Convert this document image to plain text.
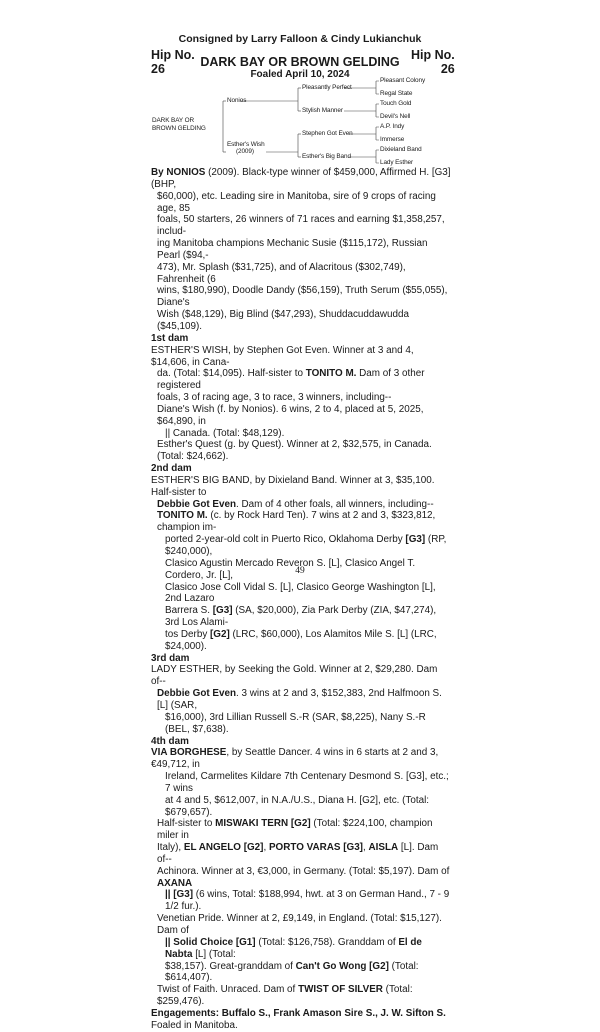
Consigned by Larry Falloon & Cindy Lukianchuk
Hip No.
26
Hip No.
26
DARK BAY OR BROWN GELDING
Foaled April 10, 2024
DARK BAY OR
BROWN GELDING
Nonios
Esther's Wish
(2009)
Pleasantly Perfect
Stylish Manner
Stephen Got Even
Esther's Big Band
Pleasant Colony
Regal State
Touch Gold
Devil's Nell
A.P. Indy
Immerse
Dixieland Band
Lady Esther

By NONIOS (2009). Black-type winner of $459,000, Affirmed H. [G3] (BHP,

$60,000), etc. Leading sire in Manitoba, sire of 9 crops of racing age, 85

foals, 50 starters, 26 winners of 71 races and earning $1,358,257, includ-

ing Manitoba champions Mechanic Susie ($115,172), Russian Pearl ($94,-

473), Mr. Splash ($31,725), and of Alacritous ($302,749), Fahrenheit (6

wins, $180,990), Doodle Dandy ($56,159), Truth Serum ($55,055), Diane's

Wish ($48,129), Big Blind ($47,293), Shuddacuddawudda ($45,109).

1st dam

ESTHER'S WISH, by Stephen Got Even. Winner at 3 and 4, $14,606, in Cana-

da. (Total: $14,095). Half-sister to TONITO M. Dam of 3 other registered

foals, 3 of racing age, 3 to race, 3 winners, including--

Diane's Wish (f. by Nonios). 6 wins, 2 to 4, placed at 5, 2025, $64,890, in

|| Canada. (Total: $48,129).

Esther's Quest (g. by Quest). Winner at 2, $32,575, in Canada. (Total: $24,662).

2nd dam

ESTHER'S BIG BAND, by Dixieland Band. Winner at 3, $35,100. Half-sister to

Debbie Got Even. Dam of 4 other foals, all winners, including--

TONITO M. (c. by Rock Hard Ten). 7 wins at 2 and 3, $323,812, champion im-

ported 2-year-old colt in Puerto Rico, Oklahoma Derby [G3] (RP, $240,000),

Clasico Agustin Mercado Reveron S. [L], Clasico Angel T. Cordero, Jr. [L],

Clasico Jose Coll Vidal S. [L], Clasico George Washington [L], 2nd Lazaro

Barrera S. [G3] (SA, $20,000), Zia Park Derby (ZIA, $47,274), 3rd Los Alami-

tos Derby [G2] (LRC, $60,000), Los Alamitos Mile S. [L] (LRC, $24,000).

3rd dam

LADY ESTHER, by Seeking the Gold. Winner at 2, $29,280. Dam of--

Debbie Got Even. 3 wins at 2 and 3, $152,383, 2nd Halfmoon S. [L] (SAR,

$16,000), 3rd Lillian Russell S.-R (SAR, $8,225), Nany S.-R (BEL, $7,638).

4th dam

VIA BORGHESE, by Seattle Dancer. 4 wins in 6 starts at 2 and 3, €49,712, in

Ireland, Carmelites Kildare 7th Centenary Desmond S. [G3], etc.; 7 wins

at 4 and 5, $612,007, in N.A./U.S., Diana H. [G2], etc. (Total: $679,657).

Half-sister to MISWAKI TERN [G2] (Total: $224,100, champion miler in

Italy), EL ANGELO [G2], PORTO VARAS [G3], AISLA [L]. Dam of--

Achinora. Winner at 3, €3,000, in Germany. (Total: $5,197). Dam of AXANA

|| [G3] (6 wins, Total: $188,994, hwt. at 3 on German Hand., 7 - 9 1/2 fur.).

Venetian Pride. Winner at 2, £9,149, in England. (Total: $15,127). Dam of

|| Solid Choice [G1] (Total: $126,758). Granddam of El de Nabta [L] (Total:

$38,157). Great-granddam of Can't Go Wong [G2] (Total: $614,407).

Twist of Faith. Unraced. Dam of TWIST OF SILVER (Total: $259,476).

Engagements: Buffalo S., Frank Amason Sire S., J. W. Sifton S.

Foaled in Manitoba.

49
